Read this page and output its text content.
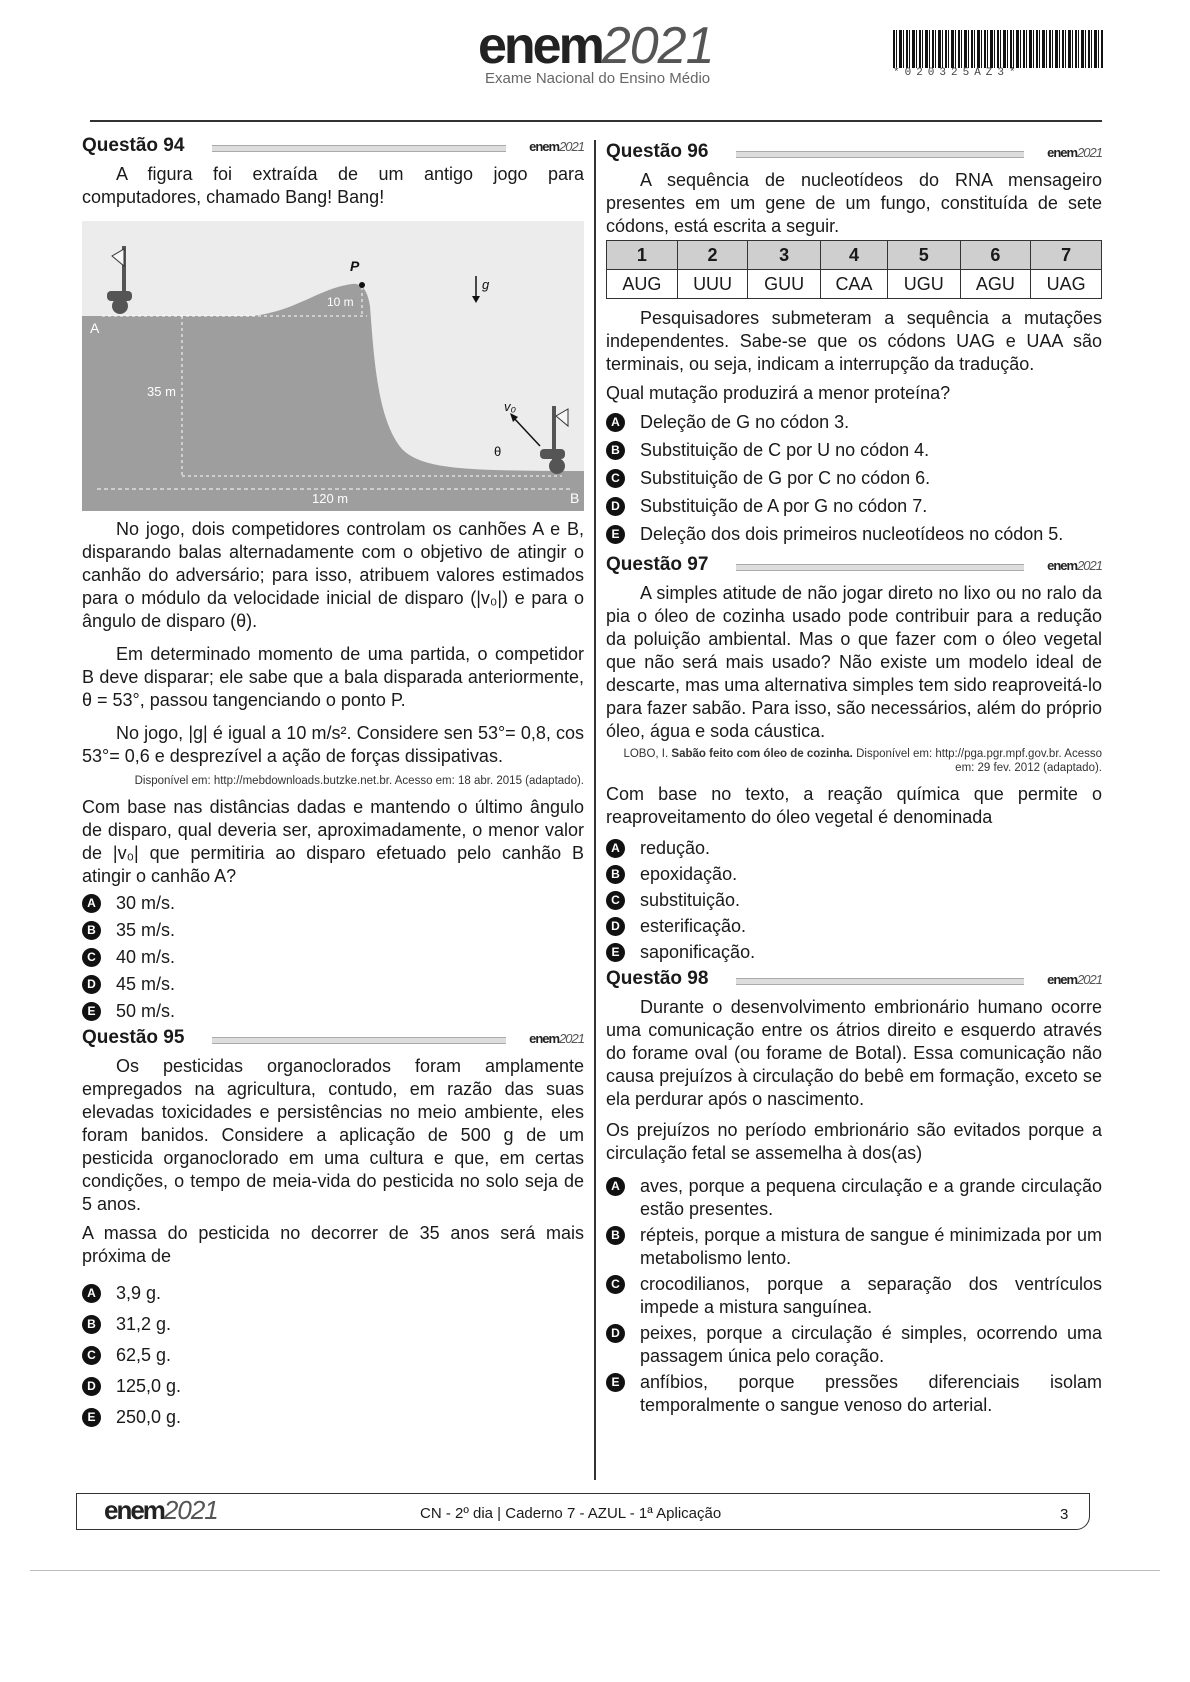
enem2021
Exame Nacional do Ensino Médio	*020325AZ3*
Questão 94	enem2021
A figura foi extraída de um antigo jogo para computadores, chamado Bang! Bang!
P
10 m
g
A
35 m
v₀
θ
120 m	B
No jogo, dois competidores controlam os canhões A e B, disparando balas alternadamente com o objetivo de atingir o canhão do adversário; para isso, atribuem valores estimados para o módulo da velocidade inicial de disparo (|v₀|) e para o ângulo de disparo (θ).
Em determinado momento de uma partida, o competidor B deve disparar; ele sabe que a bala disparada anteriormente, θ = 53°, passou tangenciando o ponto P.
No jogo, |g| é igual a 10 m/s². Considere sen 53°= 0,8, cos 53°= 0,6 e desprezível a ação de forças dissipativas.
Disponível em: http://mebdownloads.butzke.net.br. Acesso em: 18 abr. 2015 (adaptado).
Com base nas distâncias dadas e mantendo o último ângulo de disparo, qual deveria ser, aproximadamente, o menor valor de |v₀| que permitiria ao disparo efetuado pelo canhão B atingir o canhão A?
A 30 m/s.
B 35 m/s.
C 40 m/s.
D 45 m/s.
E	50 m/s.
Questão 95	enem2021
Os pesticidas organoclorados foram amplamente empregados na agricultura, contudo, em razão das suas elevadas toxicidades e persistências no meio ambiente, eles foram banidos. Considere a aplicação de 500 g de um pesticida organoclorado em uma cultura e que, em certas condições, o tempo de meia-vida do pesticida no solo seja de 5 anos.
A massa do pesticida no decorrer de 35 anos será mais próxima de
A 3,9 g.
B 31,2 g.
C 62,5 g.
D 125,0 g.
E	250,0 g.
Questão 96	enem2021
A sequência de nucleotídeos do RNA mensageiro presentes em um gene de um fungo, constituída de sete códons, está escrita a seguir.
1	2	3	4	5	6	7
AUG	UUU	GUU	CAA	UGU	AGU	UAG
Pesquisadores submeteram a sequência a mutações independentes. Sabe-se que os códons UAG e UAA são terminais, ou seja, indicam a interrupção da tradução.
Qual mutação produzirá a menor proteína?
A Deleção de G no códon 3.
B Substituição de C por U no códon 4.
C Substituição de G por C no códon 6.
D Substituição de A por G no códon 7.
E	Deleção dos dois primeiros nucleotídeos no códon 5.
Questão 97	enem2021
A simples atitude de não jogar direto no lixo ou no ralo da pia o óleo de cozinha usado pode contribuir para a redução da poluição ambiental. Mas o que fazer com o óleo vegetal que não será mais usado? Não existe um modelo ideal de descarte, mas uma alternativa simples tem sido reaproveitá-lo para fazer sabão. Para isso, são necessários, além do próprio óleo, água e soda cáustica.
LOBO, I. Sabão feito com óleo de cozinha. Disponível em: http://pga.pgr.mpf.gov.br. Acesso em: 29 fev. 2012 (adaptado).
Com base no texto, a reação química que permite o reaproveitamento do óleo vegetal é denominada
A redução.
B epoxidação.
C substituição.
D esterificação.
E	saponificação.
Questão 98	enem2021
Durante o desenvolvimento embrionário humano ocorre uma comunicação entre os átrios direito e esquerdo através do forame oval (ou forame de Botal). Essa comunicação não causa prejuízos à circulação do bebê em formação, exceto se ela perdurar após o nascimento.
Os prejuízos no período embrionário são evitados porque a circulação fetal se assemelha à dos(as)
A aves, porque a pequena circulação e a grande circulação estão presentes.
B répteis, porque a mistura de sangue é minimizada por um metabolismo lento.
C crocodilianos, porque a separação dos ventrículos impede a mistura sanguínea.
D peixes, porque a circulação é simples, ocorrendo uma passagem única pelo coração.
E	anfíbios, porque pressões diferenciais isolam temporalmente o sangue venoso do arterial.
enem2021	CN - 2º dia | Caderno 7 - AZUL - 1ª Aplicação	3
